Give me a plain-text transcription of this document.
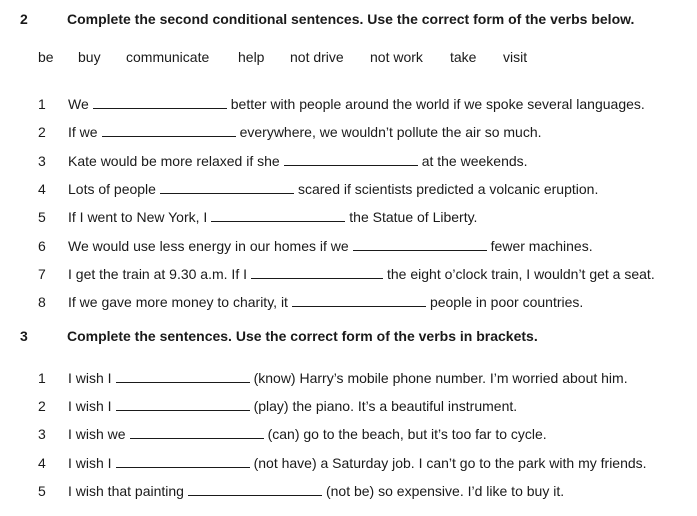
2	Complete the second conditional sentences. Use the correct form of the verbs below.
be buy communicate help not drive not work take visit
1 We	better with people around the world if we spoke several languages.
2 If we	everywhere, we wouldn’t pollute the air so much.
3 Kate would be more relaxed if she	at the weekends.
4 Lots of people	scared if scientists predicted a volcanic eruption.
5 If I went to New York, I	the Statue of Liberty.
6 We would use less energy in our homes if we	fewer machines.
7 I get the train at 9.30 a.m. If I	the eight o’clock train, I wouldn’t get a seat.
8 If we gave more money to charity, it	people in poor countries.
3	Complete the sentences. Use the correct form of the verbs in brackets.
1 I wish I	(know) Harry’s mobile phone number. I’m worried about him.
2 I wish I	(play) the piano. It’s a beautiful instrument.
3 I wish we	(can) go to the beach, but it’s too far to cycle.
4 I wish I	(not have) a Saturday job. I can’t go to the park with my friends.
5 I wish that painting	(not be) so expensive. I’d like to buy it.
